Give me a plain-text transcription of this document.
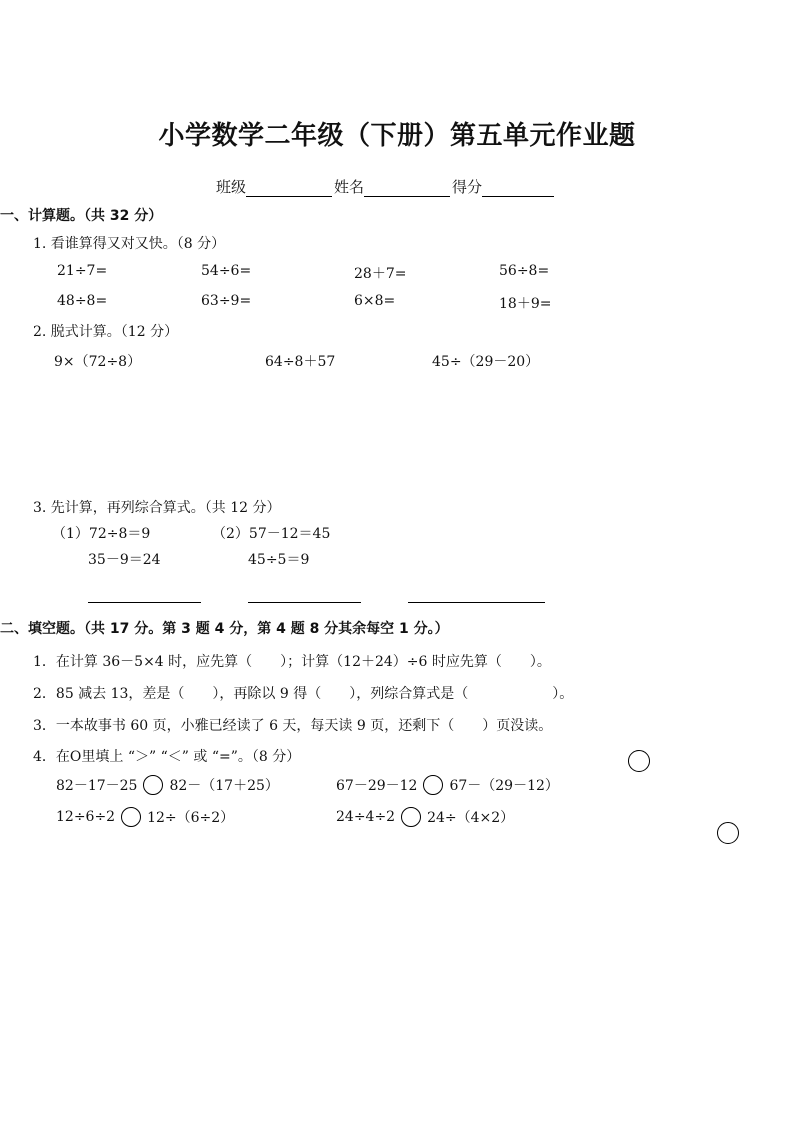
小学数学二年级（下册）第五单元作业题
班级	姓名	得分
一、计算题。（共 32 分）
1. 看谁算得又对又快。（8 分）
21÷7=	54÷6=	28＋7=	56÷8=
48÷8=	63÷9=	6×8=	18＋9=
2. 脱式计算。（12 分）
9×（72÷8）	64÷8＋57	45÷（29－20）
3. 先计算，再列综合算式。（共 12 分）
（1）72÷8＝9
35－9＝24
（2）57－12＝45
45÷5＝9
二、填空题。（共 17 分。第 3 题 4 分，第 4 题 8 分其余每空 1 分。）
1．在计算 36－5×4 时，应先算（　　）；计算（12＋24）÷6 时应先算（　　）。
2．85 减去 13，差是（　　），再除以 9 得（　　），列综合算式是（　　　　　　）。
3．一本故事书 60 页，小雅已经读了 6 天，每天读 9 页，还剩下（　　）页没读。
4．在O里填上 “＞” “＜” 或 “=”。（8 分）
82－17－25 82－（17＋25）	67－29－12 67－（29－12）
12÷6÷2 12÷（6÷2）	24÷4÷2 24÷（4×2）
